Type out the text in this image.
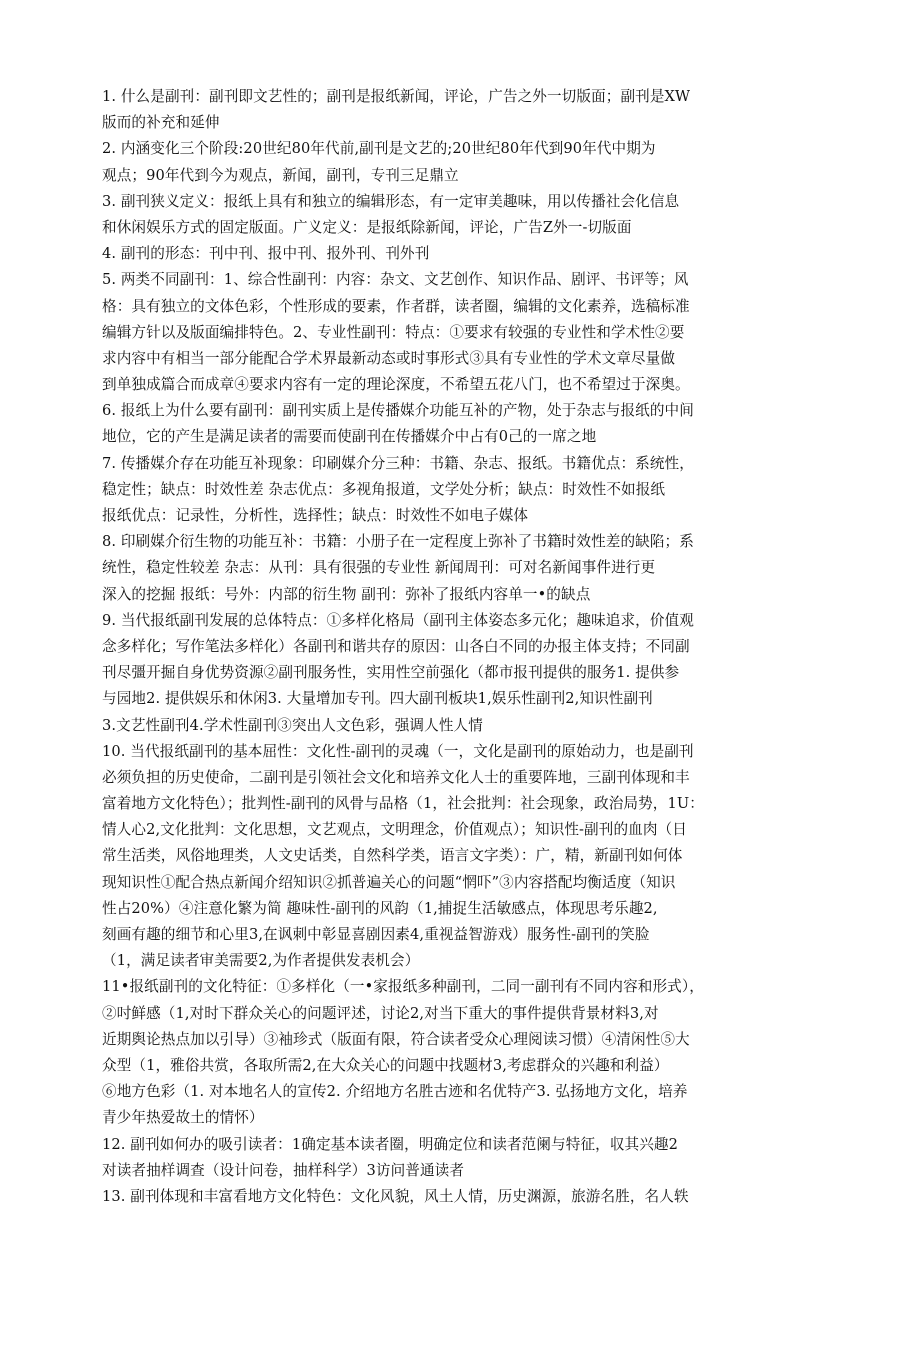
1. 什么是副刊：副刊即文艺性的；副刊是报纸新闻，评论，广告之外一切版面；副刊是XW
版而的补充和延伸
2. 内涵变化三个阶段:20世纪80年代前,副刊是文艺的;20世纪80年代到90年代中期为
观点；90年代到今为观点，新闻，副刊，专刊三足鼎立
3. 副刊狭义定义：报纸上具有和独立的编辑形态，有一定审美趣味，用以传播社会化信息
和休闲娱乐方式的固定版面。广义定义：是报纸除新闻，评论，广告Z外一-切版面
4. 副刊的形态：刊中刊、报中刊、报外刊、刊外刊
5. 两类不同副刊：1、综合性副刊：内容：杂文、文艺创作、知识作品、剧评、书评等；风
格：具有独立的文体色彩，个性形成的要素，作者群，读者圈，编辑的文化素养，选稿标准
编辑方针以及版面编排特色。2、专业性副刊：特点：①要求有较强的专业性和学术性②要
求内容中有相当一部分能配合学术界最新动态或时事形式③具有专业性的学术文章尽量做
到单独成篇合而成章④要求内容有一定的理论深度，不希望五花八门，也不希望过于深奥。
6. 报纸上为什么要有副刊：副刊实质上是传播媒介功能互补的产物，处于杂志与报纸的中间
地位，它的产生是满足读者的需要而使副刊在传播媒介中占有0己的一席之地
7. 传播媒介存在功能互补现象：印刷媒介分三种：书籍、杂志、报纸。书籍优点：系统性，
稳定性；缺点：时效性差 杂志优点：多视角报道，文学处分析；缺点：时效性不如报纸
报纸优点：记录性，分析性，选择性；缺点：时效性不如电子媒体
8. 印刷媒介衍生物的功能互补：书籍：小册子在一定程度上弥补了书籍时效性差的缺陷；系
统性，稳定性较差 杂志：从刊：具有很强的专业性 新闻周刊：可对名新闻事件进行更
深入的挖掘 报纸：号外：内部的衍生物 副刊：弥补了报纸内容单一•的缺点
9. 当代报纸副刊发展的总体特点：①多样化格局（副刊主体姿态多元化；趣味追求，价值观
念多样化；写作笔法多样化）各副刊和谐共存的原因：山各白不同的办报主体支持；不同副
刊尽彊开掘自身优势资源②副刊服务性，实用性空前强化（都市报刊提供的服务1. 提供参
与园地2. 提供娱乐和休闲3. 大量增加专刊。四大副刊板块1,娱乐性副刊2,知识性副刊
3.文艺性副刊4.学术性副刊③突出人文色彩，强调人性人情
10. 当代报纸副刊的基本屈性：文化性-副刊的灵魂（一，文化是副刊的原始动力，也是副刊
必须负担的历史使命，二副刊是引领社会文化和培养文化人士的重要阵地，三副刊体现和丰
富着地方文化特色）；批判性-副刊的风骨与品格（1，社会批判：社会现象，政治局势，1U：
情人心2,文化批判：文化思想，文艺观点，文明理念，价值观点）；知识性-副刊的血肉（日
常生活类，风俗地理类，人文史话类，自然科学类，语言文字类）：广，精，新副刊如何体
现知识性①配合热点新闻介绍知识②抓普遍关心的问题“惘吓”③内容搭配均衡适度（知识
性占20%）④注意化繁为简 趣味性-副刊的风韵（1,捕捉生活敏感点，体现思考乐趣2,
刻画有趣的细节和心里3,在讽刺中彰显喜剧因素4,重视益智游戏）服务性-副刊的笑脸
（1，满足读者审美需要2,为作者提供发表机会）
11•报纸副刊的文化特征：①多样化（一•家报纸多种副刊，二同一副刊有不同内容和形式），
②吋鲜感（1,对时下群众关心的问题评述，讨论2,对当下重大的事件提供背景材料3,对
近期舆论热点加以引导）③袖珍式（版面有限，符合读者受众心理阅读习惯）④清闲性⑤大
众型（1，雅俗共赏，各取所需2,在大众关心的问题中找题材3,考虑群众的兴趣和利益）
⑥地方色彩（1. 对本地名人的宣传2. 介绍地方名胜古迹和名优特产3. 弘扬地方文化，培养
青少年热爱故土的情怀）
12. 副刊如何办的吸引读者：1确定基本读者圈，明确定位和读者范阑与特征，収其兴趣2
对读者抽样调查（设计问卷，抽样科学）3访问普通读者
13. 副刊体现和丰富看地方文化特色：文化风貌，风土人情，历史渊源，旅游名胜，名人轶
